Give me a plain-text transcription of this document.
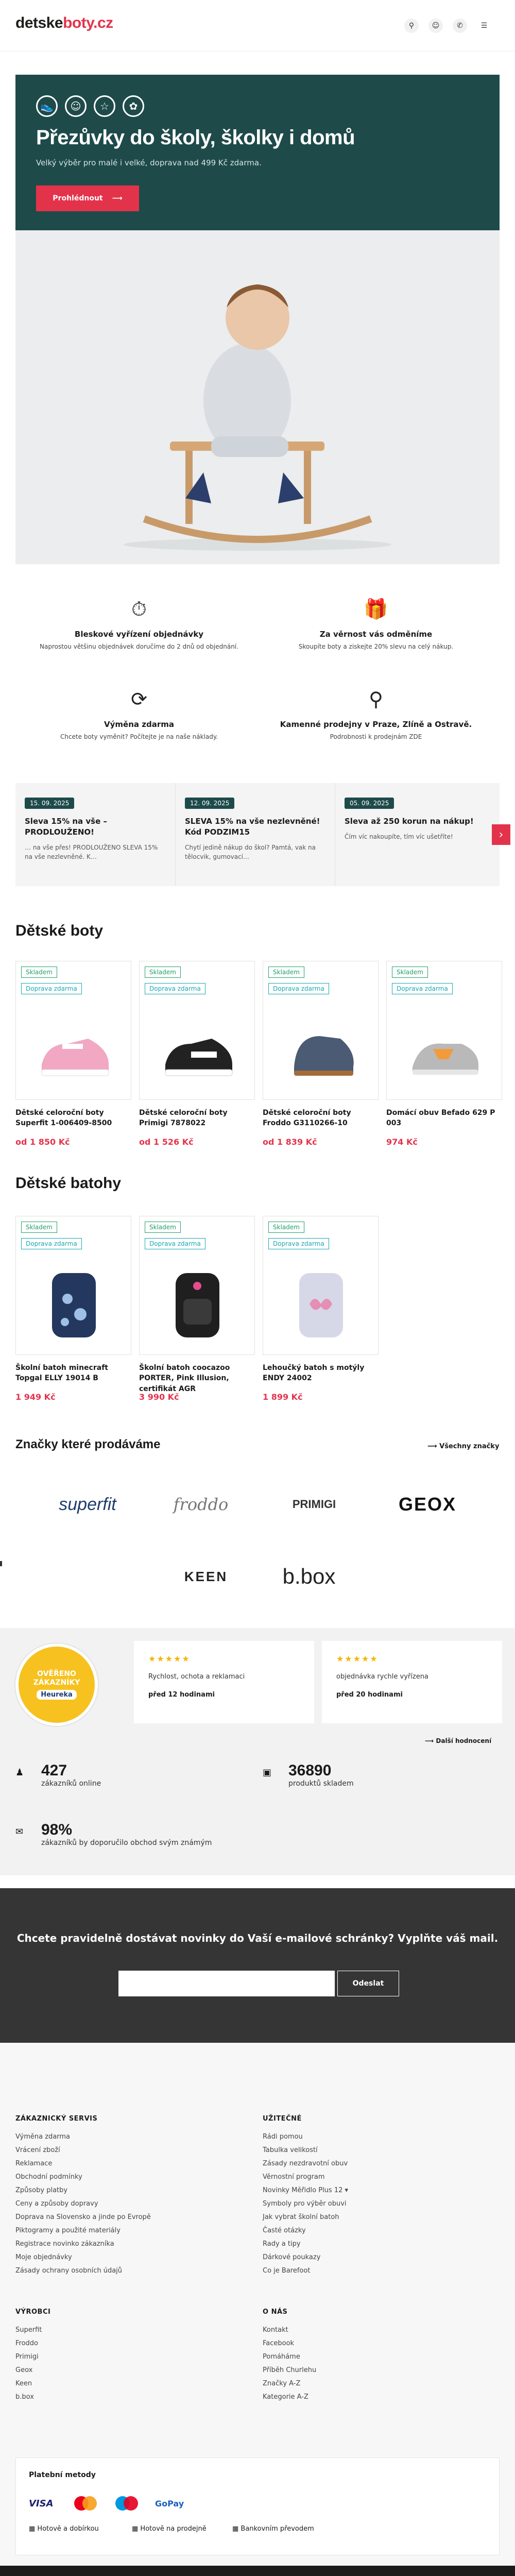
detskeboty.cz	⚲	☺	✆	☰
👟	☺	☆	✿
Přezůvky do školy, školky i domů
Velký výběr pro malé i velké, doprava nad 499 Kč zdarma.
Prohlédnout ⟶
⏱
Bleskové vyřízení objednávky
Naprostou většinu objednávek doručíme do 2 dnů od objednání.
🎁
Za věrnost vás odměníme
Skoupíte boty a ziskejte 20% slevu na celý nákup.
⟳
Výměna zdarma
Chcete boty vyměnit? Počítejte je na naše náklady.
⚲
Kamenné prodejny v Praze, Zlíně a Ostravě.
Podrobnosti k prodejnám ZDE
15. 09. 2025
Sleva 15% na vše – PRODLOUŽENO!
… na vše přes! PRODLOUŽENO SLEVA 15% na vše nezlevněné. K…
12. 09. 2025
SLEVA 15% na vše nezlevněné! Kód PODZIM15
Chytí jedině nákup do škol? Pamtá, vak na tělocvik, gumovací…
05. 09. 2025
Sleva až 250 korun na nákup!
Čím víc nakoupíte, tím víc ušetříte!	›
Dětské boty
Skladem
Doprava zdarma
Dětské celoroční boty Superfit 1-006409-8500
od 1 850 Kč
Skladem
Doprava zdarma
Dětské celoroční boty Primigi 7878022
od 1 526 Kč
Skladem
Doprava zdarma
Dětské celoroční boty Froddo G3110266-10
od 1 839 Kč
Skladem
Doprava zdarma
Domácí obuv Befado 629 P 003
974 Kč
Dětské batohy
Skladem
Doprava zdarma
Školní batoh minecraft Topgal ELLY 19014 B
1 949 Kč
Skladem
Doprava zdarma
Školní batoh coocazoo PORTER, Pink Illusion, certifikát AGR
3 990 Kč
Skladem
Doprava zdarma
Lehoučký batoh s motýly ENDY 24002
1 899 Kč
Značky které prodáváme	⟶ Všechny značky
superfit	froddo	PRIMIGI	GEOX
KEEN	b.box
OVĚŘENO ZÁKAZNÍKY
Heureka
★★★★★
Rychlost, ochota a reklamaci
před 12 hodinami
★★★★★
objednávka rychle vyřízena
před 20 hodinami
⟶ Další hodnocení
♟ 427
zákazníků online
▣ 36890
produktů skladem
✉ 98%
zákazníků by doporučilo obchod svým známým
Chcete pravidelně dostávat novinky do Vaší e-mailové schránky? Vyplňte váš mail.
Odeslat
ZÁKAZNICKÝ SERVIS
Výměna zdarma
Vrácení zboží
Reklamace
Obchodní podmínky
Způsoby platby
Ceny a způsoby dopravy
Doprava na Slovensko a jinde po Evropě
Piktogramy a použité materiály
Registrace novinko zákazníka
Moje objednávky
Zásady ochrany osobních údajů
UŽITEČNÉ
Rádi pomou
Tabulka velikostí
Zásady nezdravotní obuv
Věrnostní program
Novinky Měřidlo Plus 12 ▾
Symboly pro výběr obuvi
Jak vybrat školní batoh
Časté otázky
Rady a tipy
Dárkové poukazy
Co je Barefoot
VÝROBCI
Superfit
Froddo
Primigi
Geox
Keen
b.box
O NÁS
Kontakt
Facebook
Pomáháme
Příběh Churlehu
Značky A-Z
Kategorie A-Z
Platební metody
VISA	GoPay
▦ Hotově a dobírkou	▦ Hotově na prodejně	▦ Bankovním převodem
